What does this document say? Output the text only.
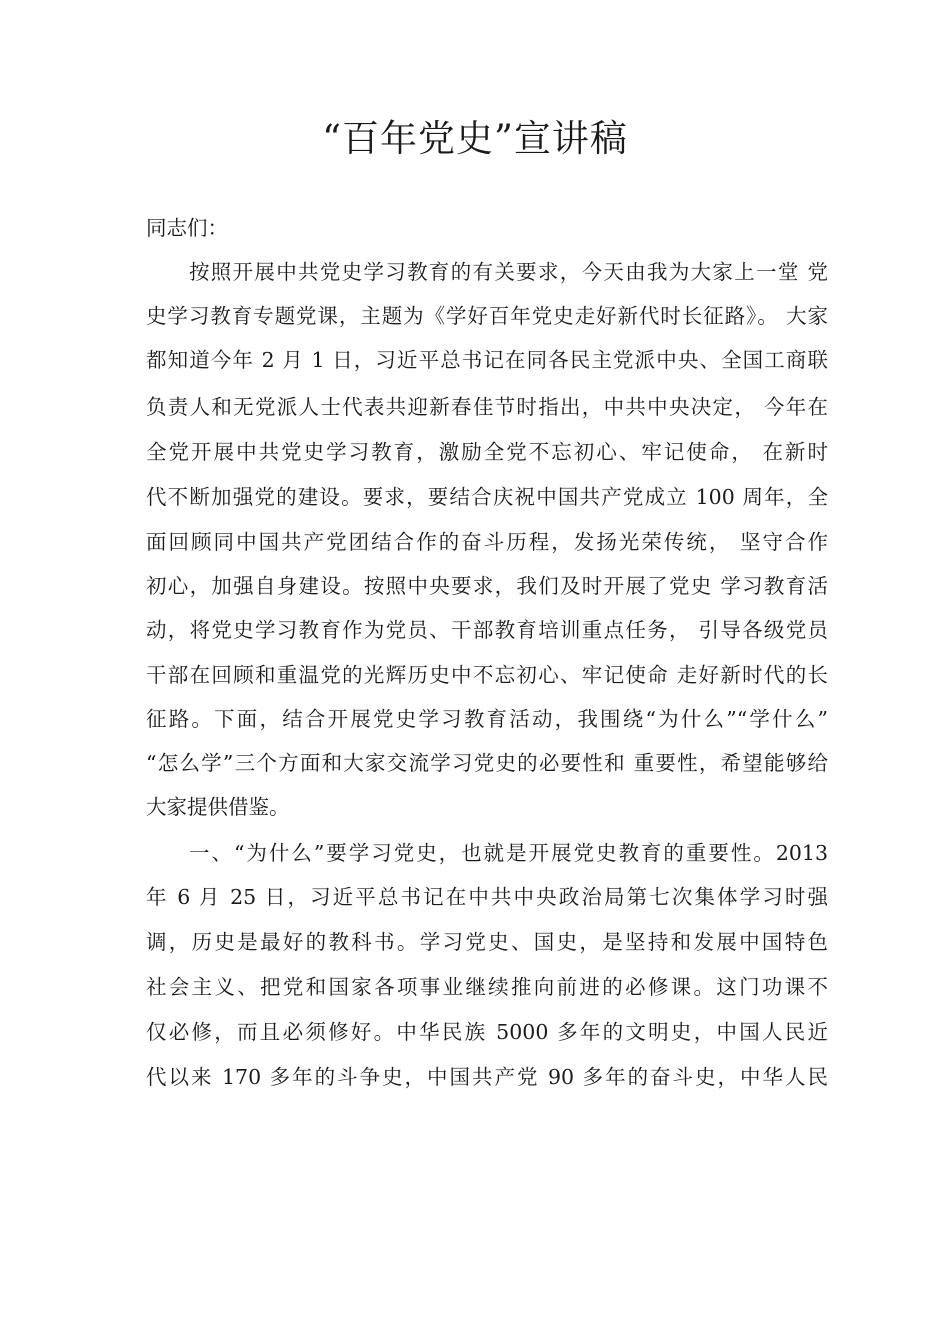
“百年党史”宣讲稿
同志们：
按照开展中共党史学习教育的有关要求，今天由我为大家上一堂 党
史学习教育专题党课，主题为《学好百年党史走好新代时长征路》。 大家
都知道今年 2 月 1 日，习近平总书记在同各民主党派中央、全国工商联
负责人和无党派人士代表共迎新春佳节时指出，中共中央决定， 今年在
全党开展中共党史学习教育，激励全党不忘初心、牢记使命， 在新时
代不断加强党的建设。要求，要结合庆祝中国共产党成立 100 周年，全
面回顾同中国共产党团结合作的奋斗历程，发扬光荣传统， 坚守合作
初心，加强自身建设。按照中央要求，我们及时开展了党史 学习教育活
动，将党史学习教育作为党员、干部教育培训重点任务， 引导各级党员
干部在回顾和重温党的光辉历史中不忘初心、牢记使命 走好新时代的长
征路。下面，结合开展党史学习教育活动，我围绕“为什么”“学什么”
“怎么学”三个方面和大家交流学习党史的必要性和 重要性，希望能够给
大家提供借鉴。
一、“为什么”要学习党史，也就是开展党史教育的重要性。2013
年 6 月 25 日，习近平总书记在中共中央政治局第七次集体学习时强
调，历史是最好的教科书。学习党史、国史，是坚持和发展中国特色
社会主义、把党和国家各项事业继续推向前进的必修课。这门功课不
仅必修，而且必须修好。中华民族 5000 多年的文明史，中国人民近
代以来 170 多年的斗争史，中国共产党 90 多年的奋斗史，中华人民
